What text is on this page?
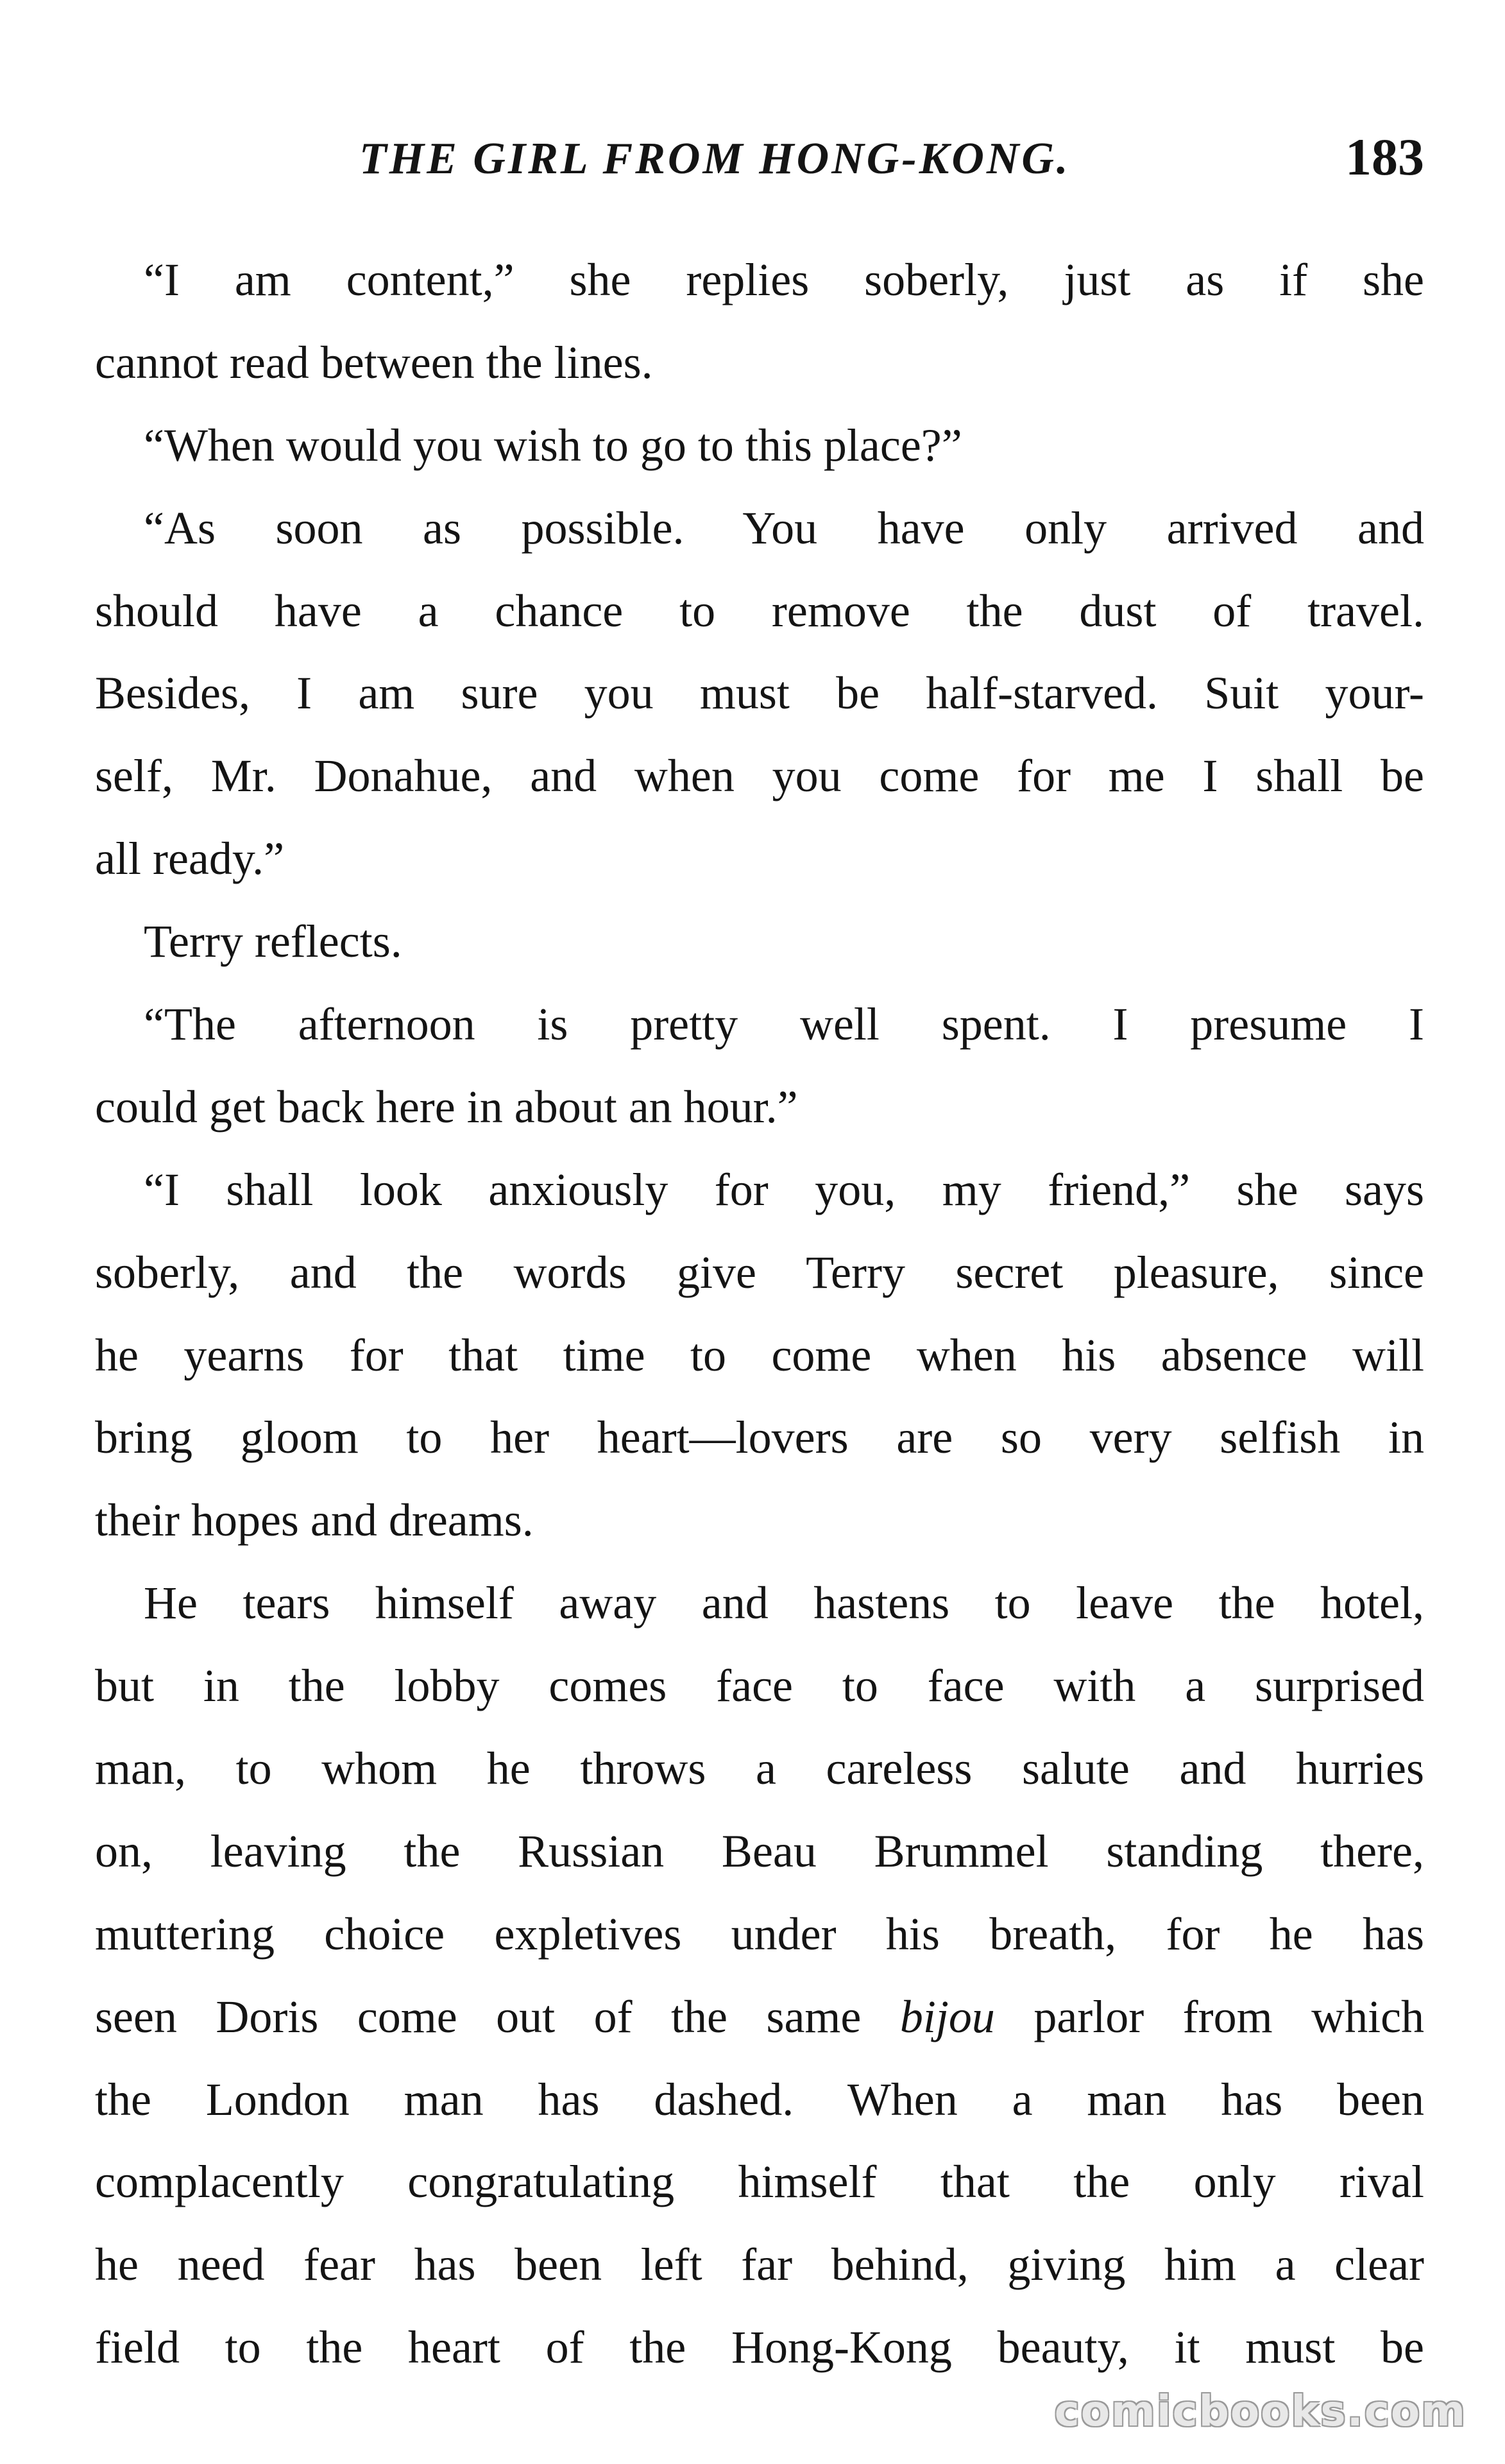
THE GIRL FROM HONG-KONG.	183
“I am content,” she replies soberly, just as if she
cannot read between the lines.
“When would you wish to go to this place?”
“As soon as possible. You have only arrived and
should have a chance to remove the dust of travel.
Besides, I am sure you must be half-starved. Suit your-
self, Mr. Donahue, and when you come for me I shall be
all ready.”
Terry reflects.
“The afternoon is pretty well spent. I presume I
could get back here in about an hour.”
“I shall look anxiously for you, my friend,” she says
soberly, and the words give Terry secret pleasure, since
he yearns for that time to come when his absence will
bring gloom to her heart—lovers are so very selfish in
their hopes and dreams.
He tears himself away and hastens to leave the hotel,
but in the lobby comes face to face with a surprised
man, to whom he throws a careless salute and hurries
on, leaving the Russian Beau Brummel standing there,
muttering choice expletives under his breath, for he has
seen Doris come out of the same bijou parlor from which
the London man has dashed. When a man has been
complacently congratulating himself that the only rival
he need fear has been left far behind, giving him a clear
field to the heart of the Hong-Kong beauty, it must be
comicbooks.com
